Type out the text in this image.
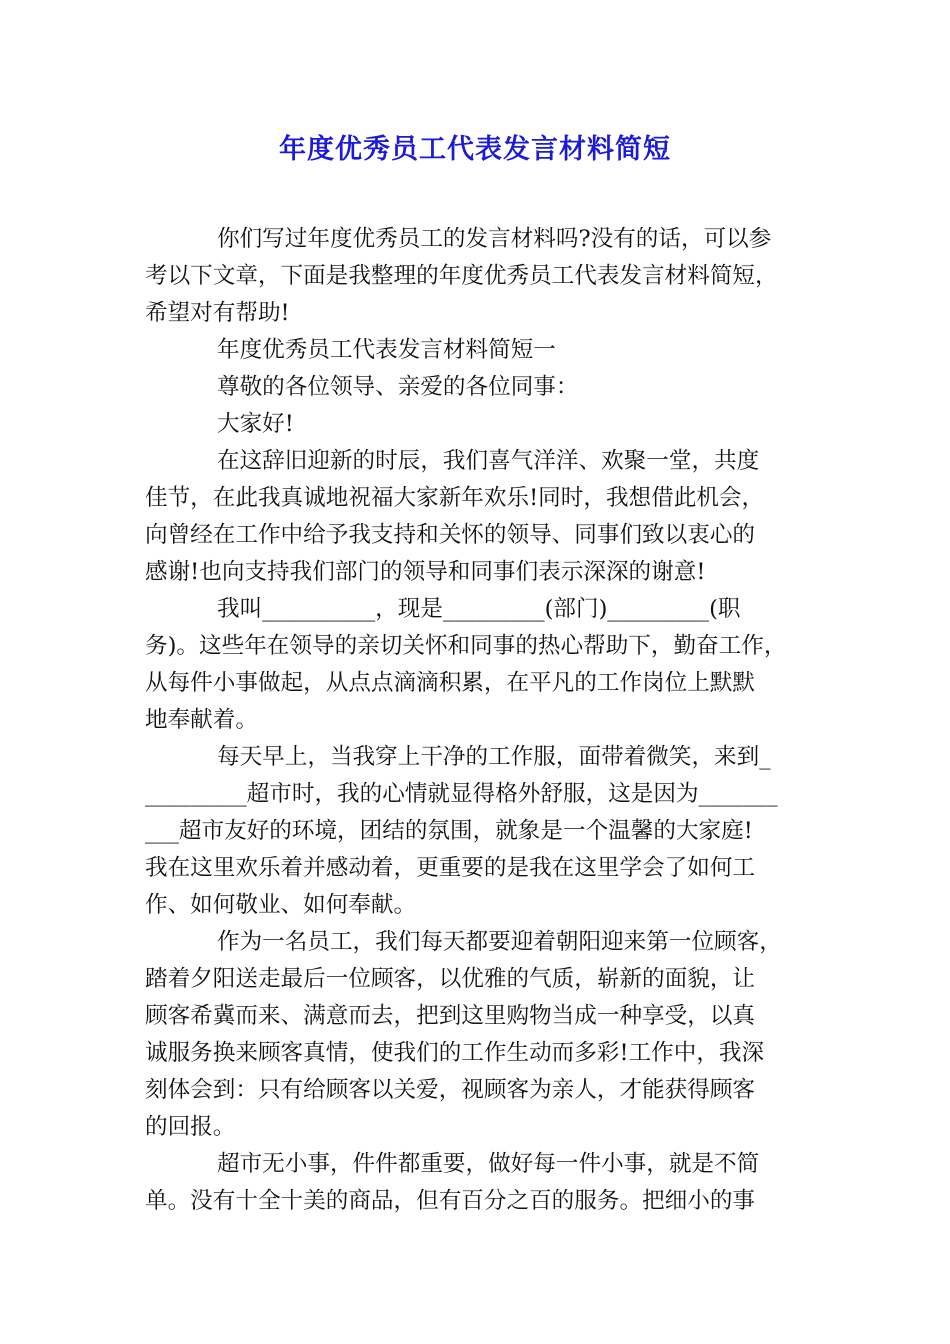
年度优秀员工代表发言材料简短
你们写过年度优秀员工的发言材料吗?没有的话，可以参
考以下文章，下面是我整理的年度优秀员工代表发言材料简短，
希望对有帮助!
年度优秀员工代表发言材料简短一
尊敬的各位领导、亲爱的各位同事：
大家好!
在这辞旧迎新的时辰，我们喜气洋洋、欢聚一堂，共度
佳节，在此我真诚地祝福大家新年欢乐!同时，我想借此机会，
向曾经在工作中给予我支持和关怀的领导、同事们致以衷心的
感谢!也向支持我们部门的领导和同事们表示深深的谢意!
我叫__________，现是_________(部门)_________(职
务)。这些年在领导的亲切关怀和同事的热心帮助下，勤奋工作，
从每件小事做起，从点点滴滴积累，在平凡的工作岗位上默默
地奉献着。
每天早上，当我穿上干净的工作服，面带着微笑，来到_
_________超市时，我的心情就显得格外舒服，这是因为_______
___超市友好的环境，团结的氛围，就象是一个温馨的大家庭!
我在这里欢乐着并感动着，更重要的是我在这里学会了如何工
作、如何敬业、如何奉献。
作为一名员工，我们每天都要迎着朝阳迎来第一位顾客，
踏着夕阳送走最后一位顾客，以优雅的气质，崭新的面貌，让
顾客希冀而来、满意而去，把到这里购物当成一种享受，以真
诚服务换来顾客真情，使我们的工作生动而多彩!工作中，我深
刻体会到：只有给顾客以关爱，视顾客为亲人，才能获得顾客
的回报。
超市无小事，件件都重要，做好每一件小事，就是不简
单。没有十全十美的商品，但有百分之百的服务。把细小的事
